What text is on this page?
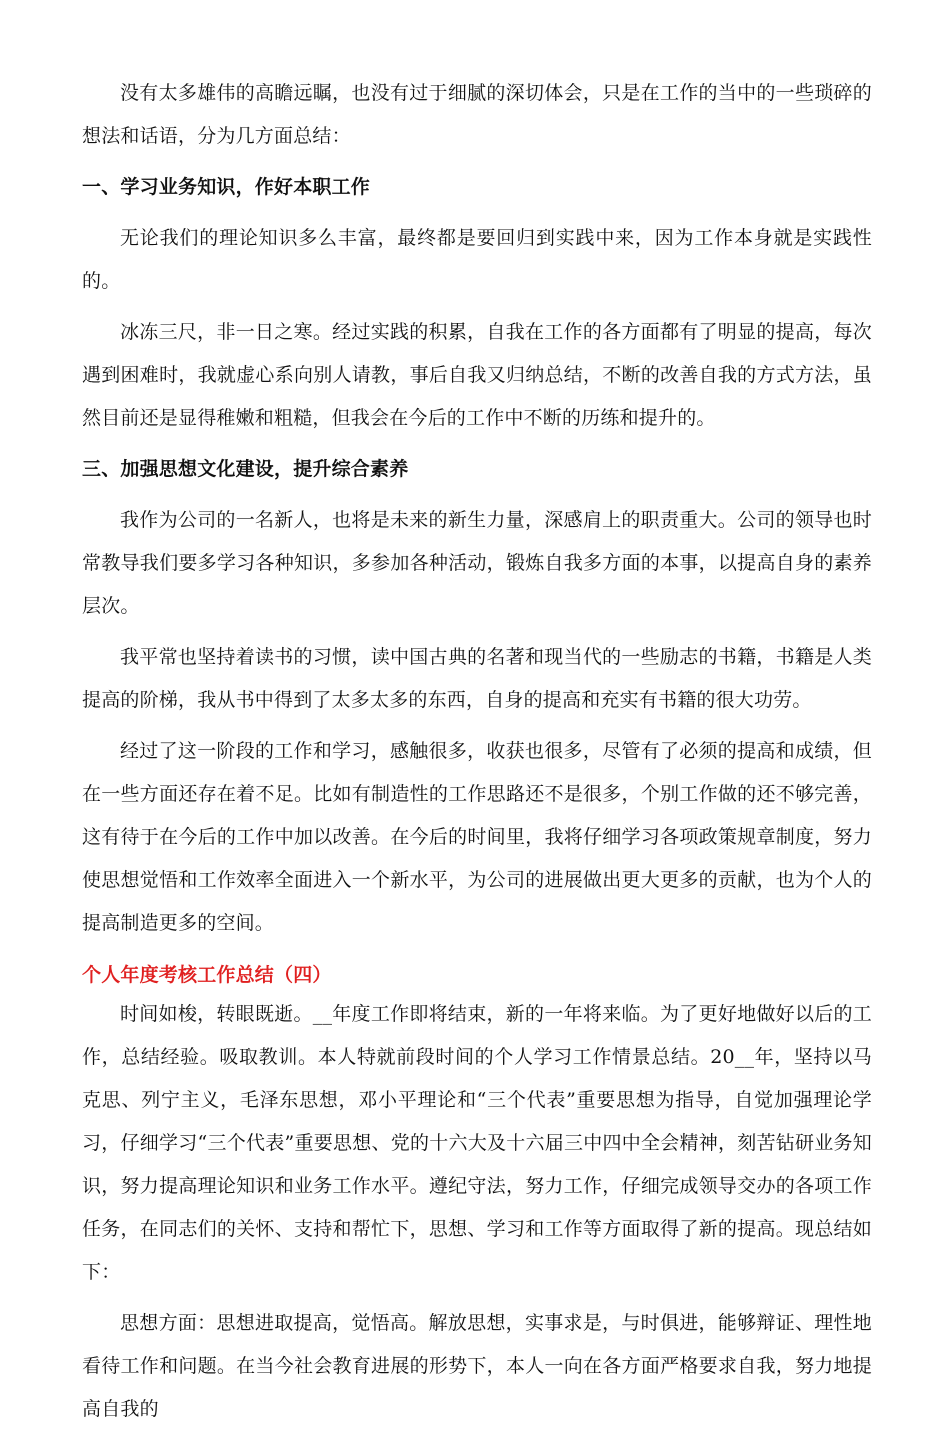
没有太多雄伟的高瞻远瞩，也没有过于细腻的深切体会，只是在工作的当中的一些琐碎的想法和话语，分为几方面总结：

一、学习业务知识，作好本职工作

无论我们的理论知识多么丰富，最终都是要回归到实践中来，因为工作本身就是实践性的。

冰冻三尺，非一日之寒。经过实践的积累，自我在工作的各方面都有了明显的提高，每次遇到困难时，我就虚心系向别人请教，事后自我又归纳总结，不断的改善自我的方式方法，虽然目前还是显得稚嫩和粗糙，但我会在今后的工作中不断的历练和提升的。

三、加强思想文化建设，提升综合素养

我作为公司的一名新人，也将是未来的新生力量，深感肩上的职责重大。公司的领导也时常教导我们要多学习各种知识，多参加各种活动，锻炼自我多方面的本事，以提高自身的素养层次。

我平常也坚持着读书的习惯，读中国古典的名著和现当代的一些励志的书籍，书籍是人类提高的阶梯，我从书中得到了太多太多的东西，自身的提高和充实有书籍的很大功劳。

经过了这一阶段的工作和学习，感触很多，收获也很多，尽管有了必须的提高和成绩，但在一些方面还存在着不足。比如有制造性的工作思路还不是很多，个别工作做的还不够完善，这有待于在今后的工作中加以改善。在今后的时间里，我将仔细学习各项政策规章制度，努力使思想觉悟和工作效率全面进入一个新水平，为公司的进展做出更大更多的贡献，也为个人的提高制造更多的空间。

个人年度考核工作总结（四）

时间如梭，转眼既逝。__年度工作即将结束，新的一年将来临。为了更好地做好以后的工作，总结经验。吸取教训。本人特就前段时间的个人学习工作情景总结。20__年，坚持以马克思、列宁主义，毛泽东思想，邓小平理论和“三个代表”重要思想为指导，自觉加强理论学习，仔细学习“三个代表”重要思想、党的十六大及十六届三中四中全会精神，刻苦钻研业务知识，努力提高理论知识和业务工作水平。遵纪守法，努力工作，仔细完成领导交办的各项工作任务，在同志们的关怀、支持和帮忙下，思想、学习和工作等方面取得了新的提高。现总结如下：

思想方面：思想进取提高，觉悟高。解放思想，实事求是，与时俱进，能够辩证、理性地看待工作和问题。在当今社会教育进展的形势下，本人一向在各方面严格要求自我，努力地提高自我的
